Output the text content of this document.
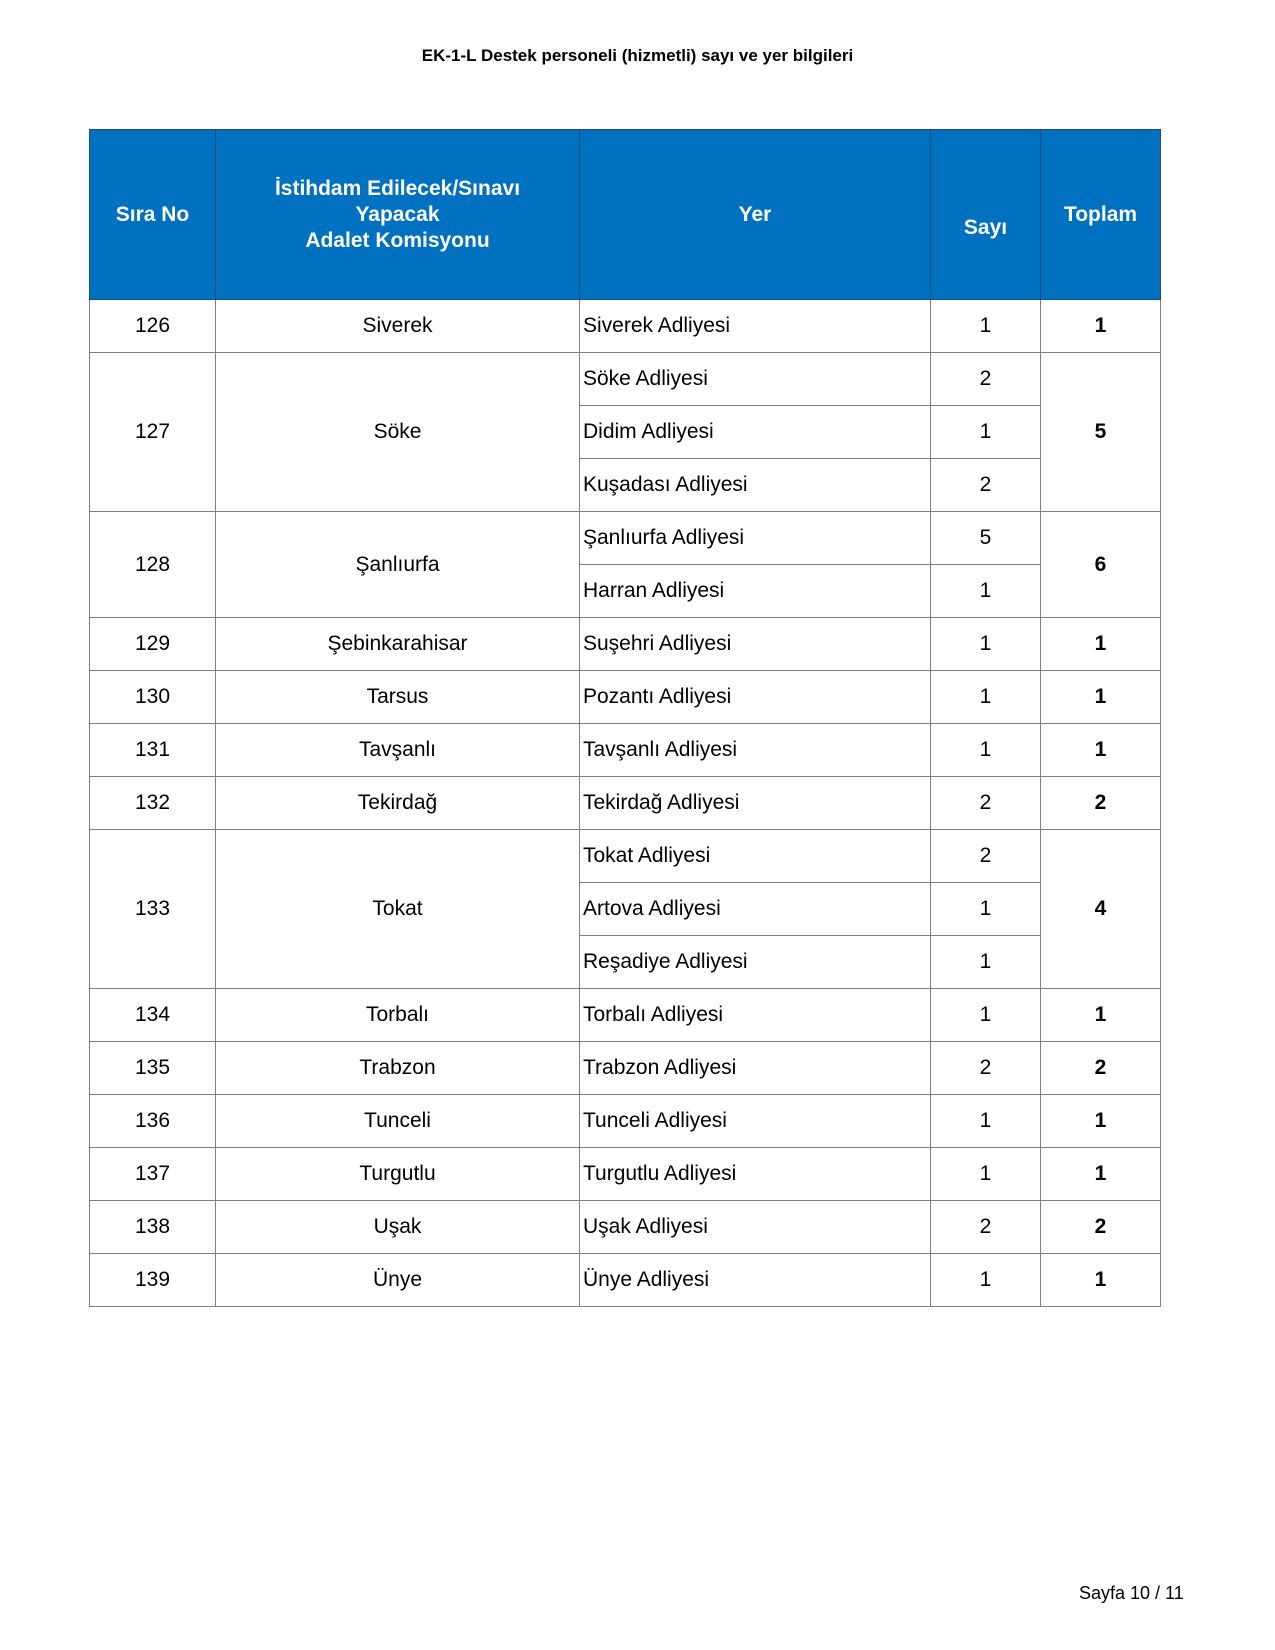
EK-1-L Destek personeli (hizmetli) sayı ve yer bilgileri
Sıra No	İstihdam Edilecek/Sınavı
Yapacak
Adalet Komisyonu	Yer	Sayı	Toplam
126	Siverek	Siverek Adliyesi	1	1
127	Söke	Söke Adliyesi	2	5
		Didim Adliyesi	1	
		Kuşadası Adliyesi	2	
128	Şanlıurfa	Şanlıurfa Adliyesi	5	6
		Harran Adliyesi	1	
129	Şebinkarahisar	Suşehri Adliyesi	1	1
130	Tarsus	Pozantı Adliyesi	1	1
131	Tavşanlı	Tavşanlı Adliyesi	1	1
132	Tekirdağ	Tekirdağ Adliyesi	2	2
133	Tokat	Tokat Adliyesi	2	4
		Artova Adliyesi	1	
		Reşadiye Adliyesi	1	
134	Torbalı	Torbalı Adliyesi	1	1
135	Trabzon	Trabzon Adliyesi	2	2
136	Tunceli	Tunceli Adliyesi	1	1
137	Turgutlu	Turgutlu Adliyesi	1	1
138	Uşak	Uşak Adliyesi	2	2
139	Ünye	Ünye Adliyesi	1	1
Sayfa 10 / 11
